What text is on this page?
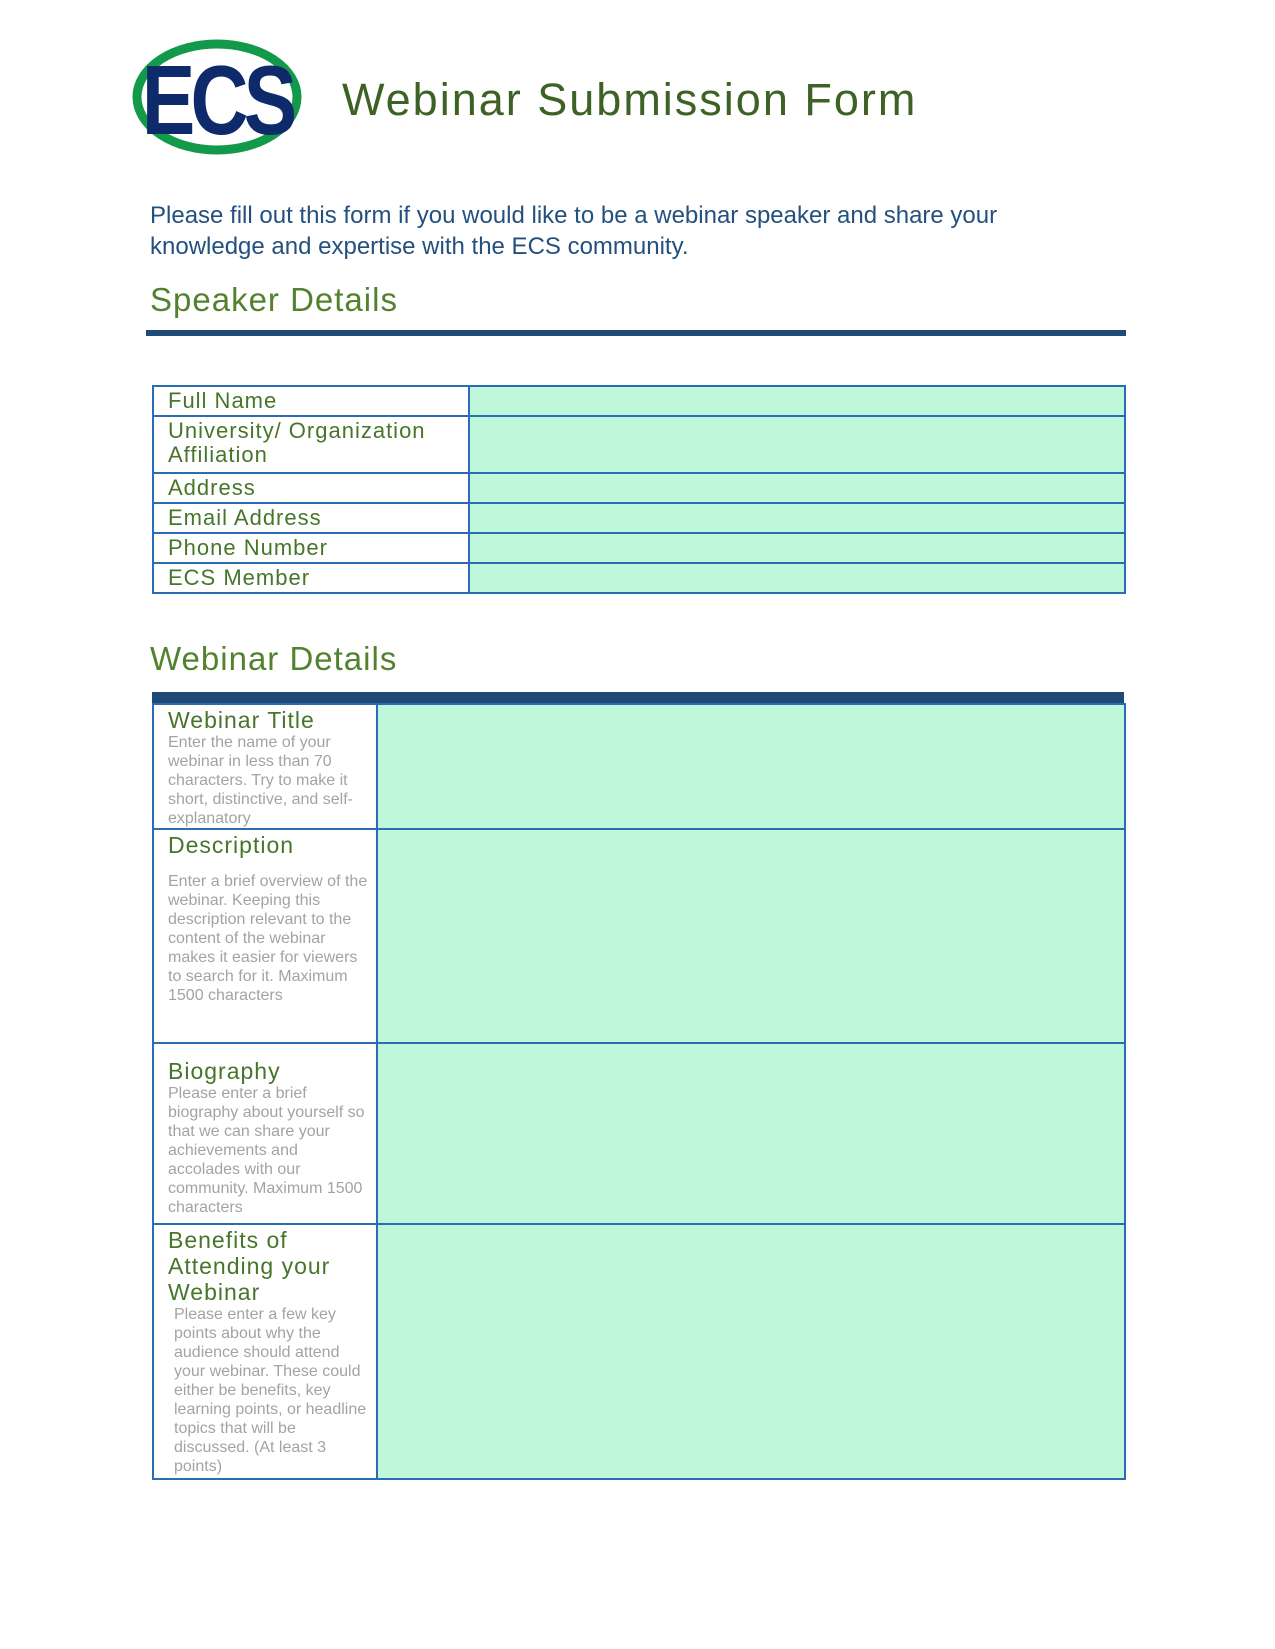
ECS Webinar Submission Form
Please fill out this form if you would like to be a webinar speaker and share your knowledge and expertise with the ECS community.
Speaker Details
Full Name	

University/ Organization Affiliation	

Address	

Email Address	

Phone Number	

ECS Member	
Webinar Details
Webinar Title
Enter the name of your webinar in less than 70 characters. Try to make it short, distinctive, and self-explanatory	

Description
Enter a brief overview of the webinar. Keeping this description relevant to the content of the webinar makes it easier for viewers to search for it. Maximum 1500 characters	

Biography
Please enter a brief biography about yourself so that we can share your achievements and accolades with our community. Maximum 1500 characters	

Benefits of Attending your Webinar
Please enter a few key points about why the audience should attend your webinar. These could either be benefits, key learning points, or headline topics that will be discussed. (At least 3 points)	
